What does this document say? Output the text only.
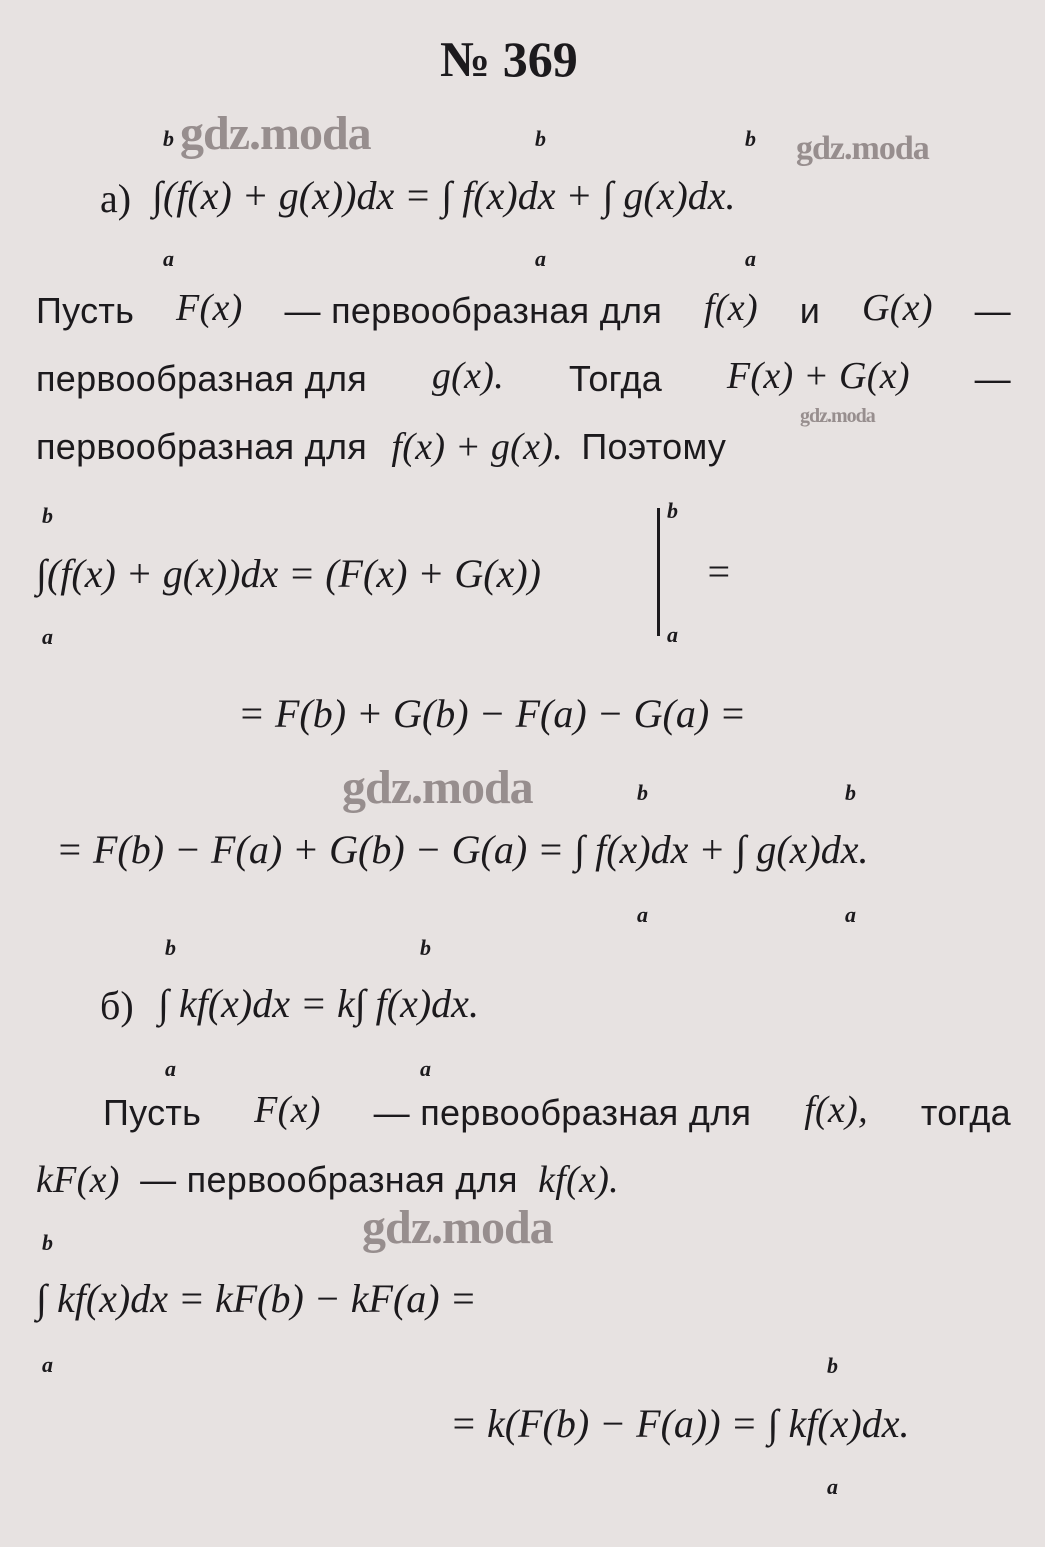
№ 369
а)
b
a
b
a
b
a
∫(f(x) + g(x))dx = ∫ f(x)dx + ∫ g(x)dx.
Пусть F(x) — первообразная для f(x) и G(x) —
первообразная для g(x). Тогда F(x) + G(x) —
первообразная для f(x) + g(x). Поэтому
b
a
∫(f(x) + g(x))dx = (F(x) + G(x))
b
a
=
= F(b) + G(b) − F(a) − G(a) =
b
a
b
a
= F(b) − F(a) + G(b) − G(a) = ∫ f(x)dx + ∫ g(x)dx.
б)
b
a
b
a
∫ kf(x)dx = k∫ f(x)dx.
Пусть F(x) — первообразная для f(x), тогда
kF(x) — первообразная для kf(x).
b
a
∫ kf(x)dx = kF(b) − kF(a) =
b
a
= k(F(b) − F(a)) = ∫ kf(x)dx.
gdz.moda	gdz.moda
gdz.moda
gdz.moda
gdz.moda
